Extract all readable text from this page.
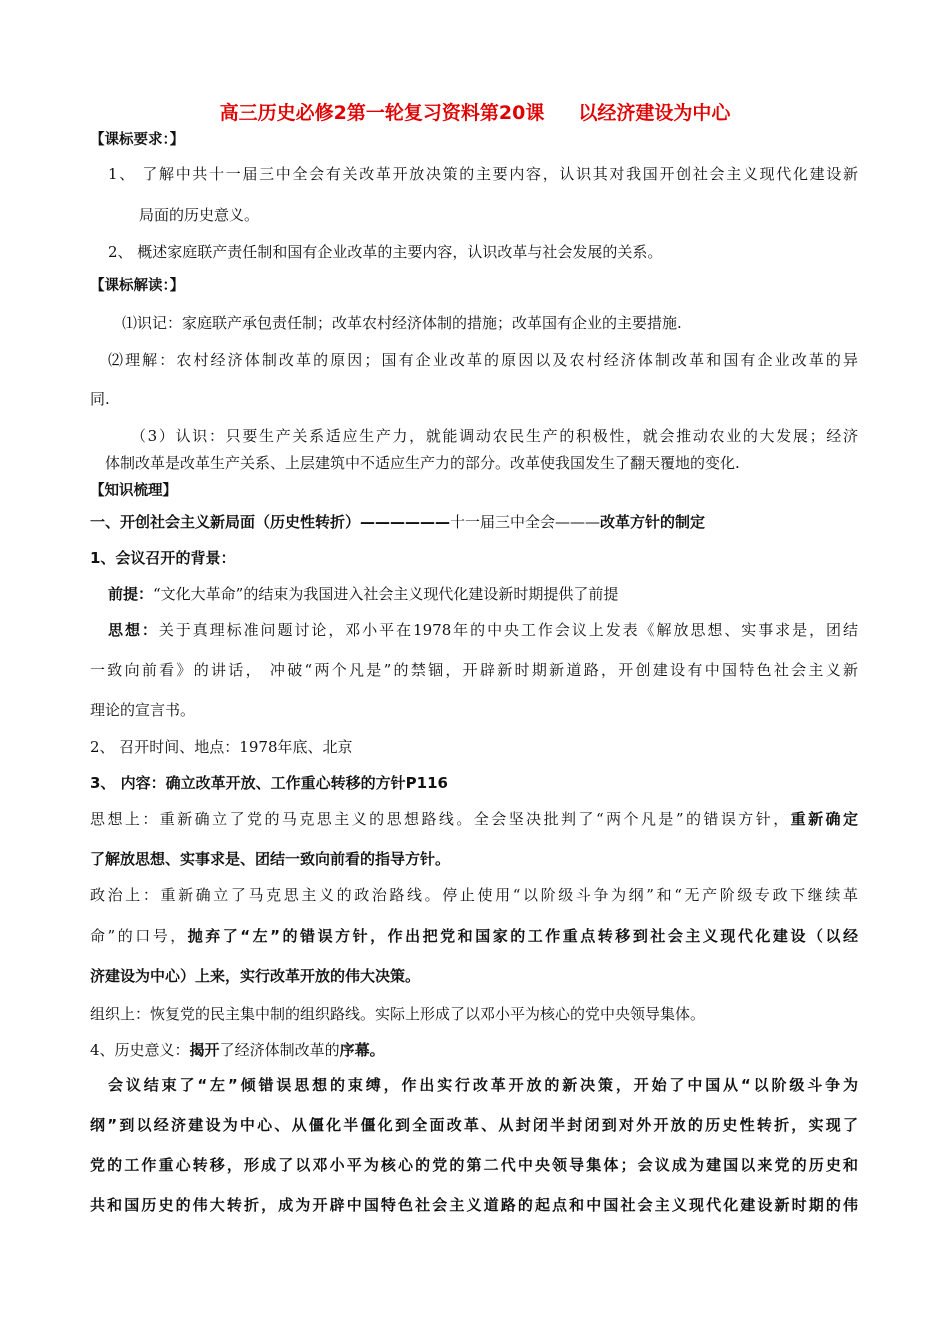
高三历史必修2第一轮复习资料第20课 以经济建设为中心
【课标要求：】
1、 了解中共十一届三中全会有关改革开放决策的主要内容，认识其对我国开创社会主义现代化建设新
局面的历史意义。
2、 概述家庭联产责任制和国有企业改革的主要内容，认识改革与社会发展的关系。
【课标解读：】
⑴识记：家庭联产承包责任制；改革农村经济体制的措施；改革国有企业的主要措施.
⑵理解：农村经济体制改革的原因；国有企业改革的原因以及农村经济体制改革和国有企业改革的异
同.
（3）认识：只要生产关系适应生产力，就能调动农民生产的积极性，就会推动农业的大发展；经济
体制改革是改革生产关系、上层建筑中不适应生产力的部分。改革使我国发生了翻天覆地的变化.
【知识梳理】
一、开创社会主义新局面（历史性转折）——————十一届三中全会———改革方针的制定
1、会议召开的背景：
前提：“文化大革命”的结束为我国进入社会主义现代化建设新时期提供了前提
思想：关于真理标准问题讨论，邓小平在1978年的中央工作会议上发表《解放思想、实事求是，团结
一致向前看》的讲话， 冲破“两个凡是”的禁锢，开辟新时期新道路，开创建设有中国特色社会主义新
理论的宣言书。
2、 召开时间、地点：1978年底、北京
3、 内容：确立改革开放、工作重心转移的方针P116
思想上：重新确立了党的马克思主义的思想路线。全会坚决批判了“两个凡是”的错误方针，重新确定
了解放思想、实事求是、团结一致向前看的指导方针。
政治上：重新确立了马克思主义的政治路线。停止使用“以阶级斗争为纲”和“无产阶级专政下继续革
命”的口号，抛弃了“左”的错误方针，作出把党和国家的工作重点转移到社会主义现代化建设（以经
济建设为中心）上来，实行改革开放的伟大决策。
组织上：恢复党的民主集中制的组织路线。实际上形成了以邓小平为核心的党中央领导集体。
4、历史意义：揭开了经济体制改革的序幕。
会议结束了“左”倾错误思想的束缚，作出实行改革开放的新决策，开始了中国从“以阶级斗争为
纲”到以经济建设为中心、从僵化半僵化到全面改革、从封闭半封闭到对外开放的历史性转折，实现了
党的工作重心转移，形成了以邓小平为核心的党的第二代中央领导集体；会议成为建国以来党的历史和
共和国历史的伟大转折，成为开辟中国特色社会主义道路的起点和中国社会主义现代化建设新时期的伟
